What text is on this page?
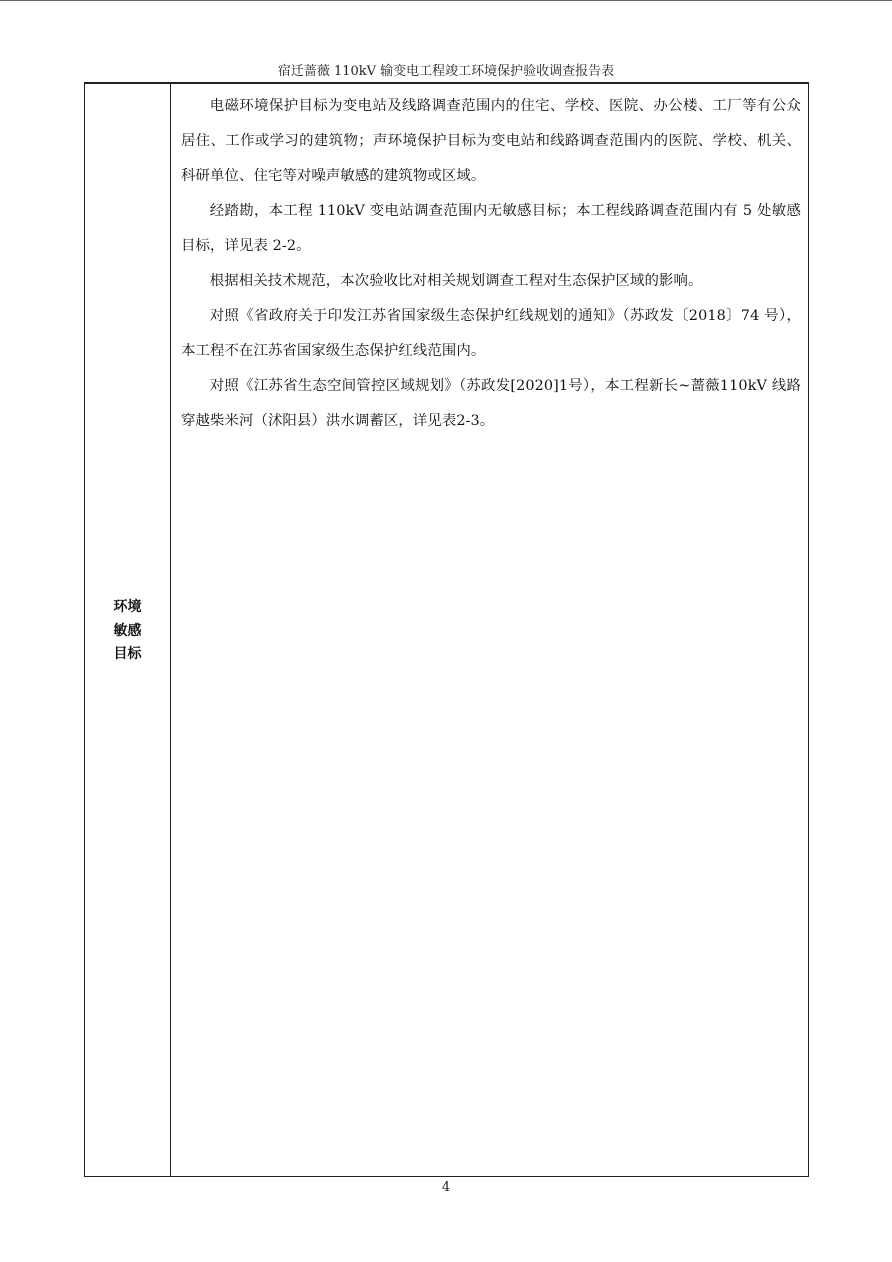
宿迁蔷薇 110kV 输变电工程竣工环境保护验收调查报告表
环境
敏感
目标

电磁环境保护目标为变电站及线路调查范围内的住宅、学校、医院、办公楼、工厂等有公众居住、工作或学习的建筑物；声环境保护目标为变电站和线路调查范围内的医院、学校、机关、科研单位、住宅等对噪声敏感的建筑物或区域。

经踏勘，本工程 110kV 变电站调查范围内无敏感目标；本工程线路调查范围内有 5 处敏感目标，详见表 2-2。

根据相关技术规范，本次验收比对相关规划调查工程对生态保护区域的影响。

对照《省政府关于印发江苏省国家级生态保护红线规划的通知》（苏政发〔2018〕74 号），本工程不在江苏省国家级生态保护红线范围内。

对照《江苏省生态空间管控区域规划》（苏政发[2020]1号），本工程新长~蔷薇110kV 线路穿越柴米河（沭阳县）洪水调蓄区，详见表2-3。

4
